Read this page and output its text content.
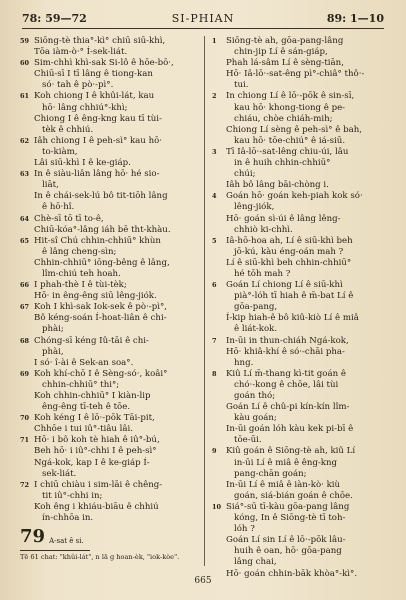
78: 59—72	SI-PHIAN	89: 1—10
59 Siōng-tè thia°-kì° chiū siū-khì,
Tōa iàm-ò·° Í-sek-liát.
60 Sim-chhì khì-sak Si-lô ê hōe-bō·,
Chiū-sī I tī lâng ê tiong-kan
só· tah ê pò·-pì°.
61 Koh chiong I ê khûi-lát, kau
hō· lâng chhiú°-khì;
Chiong I ê êng-kng kau tī tùi-
tèk ê chhiú.
62 Iâh chiong I ê peh-sì° kau hō·
to-kiàm,
Lâi siū-khì I ê ke-giáp.
63 In ê siàu-liân lâng hō· hé sio-
liāt,
In ê chái-sek-lú bô tit-tiōh lâng
ê hō·hî.
64 Chè-sī tō tī to-ê,
Chiū-kóa°-lâng iáh bē tht-khàu.
65 Hit-sî Chú chhin-chhiū° khùn
ê lâng cheng-sìn;
Chhin-chhiū° iōng-bêng ê lâng,
lîm-chiú teh hoah.
66 I phah-thè I ê tùi-tèk;
Hō· in êng-êng siū lêng-jiók.
67 Koh I khì-sak Iok-sek ê pò·-pì°,
Bô kéng-soán Í-hoat-liân ê chi-
phài;
68 Chóng-sī kéng Iû-tāi ê chi-
phài,
I só· î-ài ê Sek-an soa°.
69 Koh khí-chō I ê Sèng-só·, koâi°
chhin-chhiū° thi°;
Koh chhin-chhiū° I kiàn-lip
êng-êng tī-teh ê tōe.
70 Koh kéng I ê lō·-pōk Tāi-pit,
Chhōe i tui iû°-tiâu lâi.
71 Hō· i bô koh tè hiah ê iû°-bú,
Beh hō· i iû°-chhi I ê peh-sì°
Ngá-kok, kap I ê ke-giáp Í-
sek-liát.
72 I chiū chiàu i sim-lāi ê chêng-
tit iû°-chhi in;
Koh êng i khiáu-biāu ê chhiú
ín-chhōa in.
79 A-sat ê si.
Tē 61 chat: "khûi-lát", n lā g hoan-èk, "iok-kòe".
1 Siōng-tè ah, gōa-pang-lâng
chin-jip Lí ê sán-giáp,
Phah lá-sâm Lí ê sèng-tiān,
Hō· Iâ-lō·-sat-êng pì°-chiâ° thô·-
tui.
2 In chiong Lí ê lō·-pōk ê sin-sī,
kau hō· khong-tiong ê pe-
chiáu, chòe chiáh-mih;
Chiong Lí sèng ê peh-sì° ê bah,
kau hō· tōe-chiú° ê iá-siū.
3 Tī Iâ-lō·-sat-lêng chiu-úi, lâu
in ê huih chhin-chhiū°
chúi;
Iâh bô lâng bāi-chòng i.
4 Goán hō· goán keh-piah kok só·
lêng-jiók,
Hō· goán sì-úi ê lâng lêng-
chhiò ki-chhì.
5 Iâ-hō-hoa ah, Lí ê siū-khì beh
jō-kú, kàu éng-oán mah ?
Lí ê siū-khì beh chhin-chhiū°
hé tōh mah ?
6 Goán Lí chiong Lí ê siū-khì
pià°-lóh tī hiah ê m̄-bat Lí ê
gōa-pang,
Í-kip hiah-ê bô kiû-kiò Lí ê miâ
ê liát-kok.
7 In-ūi in thun-chiáh Ngá-kok,
Hō· khiâ-khí ê só·-chāi pha-
hng.
8 Kiû Lí m̄-thang kì-tit goán ê
chó·-kong ê chōe, lâi tùi
goán thó;
Goán Lí ê chû-pi kín-kín lîm-
kàu goán;
In-ūi goán lóh kàu kek pi-bī ê
tōe-ūi.
9 Kiû goán ê Siōng-tè ah, kiû Lí
in-ūi Lí ê miâ ê êng-kng
pang-chān goán;
In-ūi Lí ê miâ ê iàn-kò· kiù
goán, siá-bián goán ê chōe.
10 Siá°-sū tī-kàu gōa-pang lâng
kóng, In ê Siōng-tè tī toh-
lóh ?
Goán Lí sin Lí ê lō·-pōk lâu-
huih ê oan, hō· gōa-pang
lâng chai,
Hō· goán chhin-bāk khòa°-kì°.
665
